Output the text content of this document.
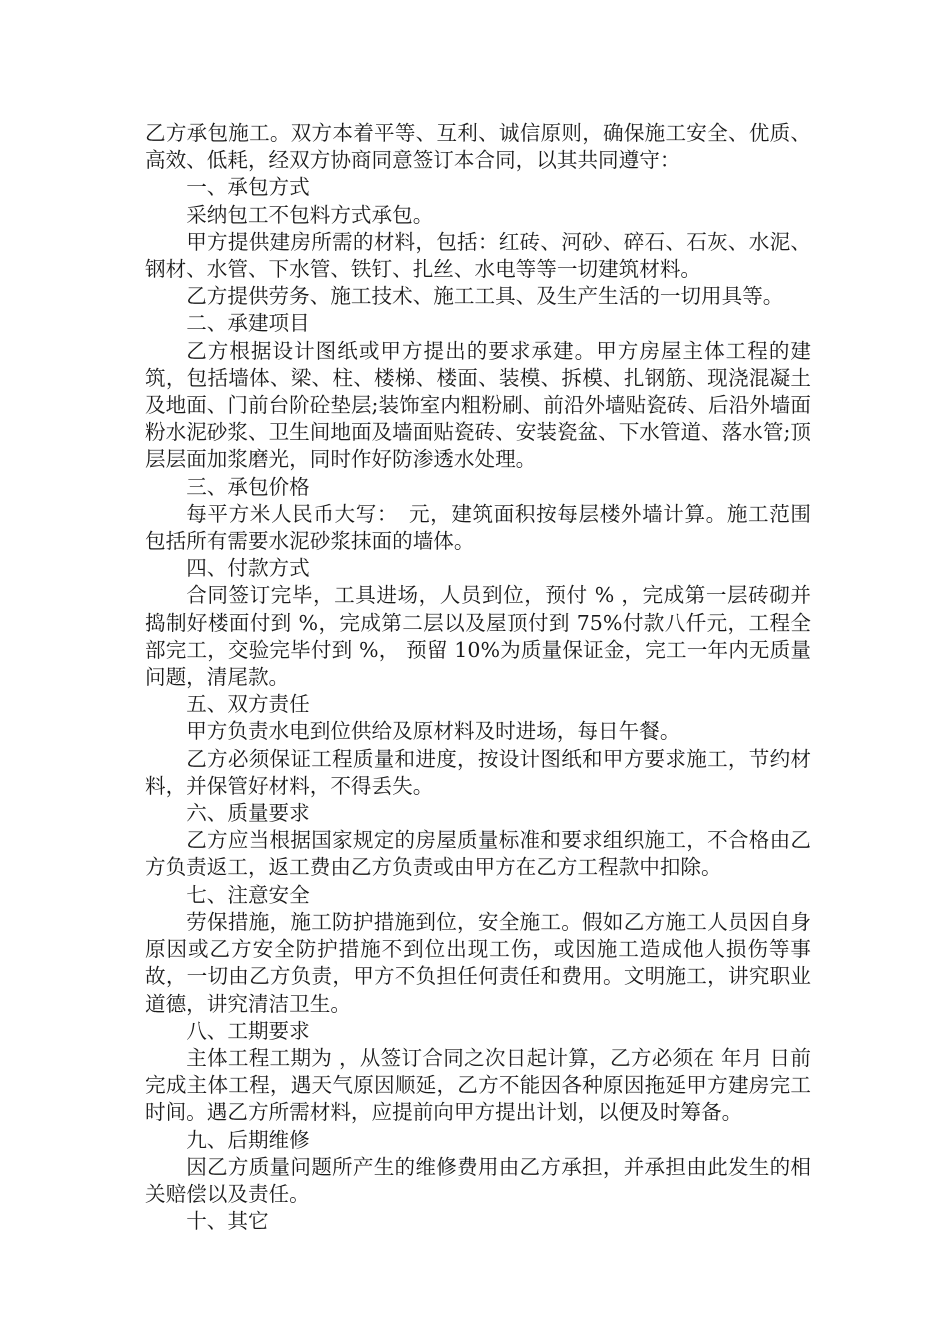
乙方承包施工。双方本着平等、互利、诚信原则，确保施工安全、优质、高效、低耗，经双方协商同意签订本合同，以其共同遵守：

一、承包方式

采纳包工不包料方式承包。

甲方提供建房所需的材料，包括：红砖、河砂、碎石、石灰、水泥、钢材、水管、下水管、铁钉、扎丝、水电等等一切建筑材料。

乙方提供劳务、施工技术、施工工具、及生产生活的一切用具等。

二、承建项目

乙方根据设计图纸或甲方提出的要求承建。甲方房屋主体工程的建筑，包括墙体、梁、柱、楼梯、楼面、装模、拆模、扎钢筋、现浇混凝土及地面、门前台阶砼垫层;装饰室内粗粉刷、前沿外墙贴瓷砖、后沿外墙面粉水泥砂浆、卫生间地面及墙面贴瓷砖、安装瓷盆、下水管道、落水管;顶层层面加浆磨光，同时作好防渗透水处理。

三、承包价格

每平方米人民币大写：　元，建筑面积按每层楼外墙计算。施工范围包括所有需要水泥砂浆抹面的墙体。

四、付款方式

合同签订完毕，工具进场，人员到位，预付 % ，完成第一层砖砌并捣制好楼面付到 %，完成第二层以及屋顶付到 75%付款八仟元，工程全部完工，交验完毕付到 %， 预留 10%为质量保证金，完工一年内无质量问题，清尾款。

五、双方责任

甲方负责水电到位供给及原材料及时进场，每日午餐。

乙方必须保证工程质量和进度，按设计图纸和甲方要求施工，节约材料，并保管好材料，不得丢失。

六、质量要求

乙方应当根据国家规定的房屋质量标准和要求组织施工，不合格由乙方负责返工，返工费由乙方负责或由甲方在乙方工程款中扣除。

七、注意安全

劳保措施，施工防护措施到位，安全施工。假如乙方施工人员因自身原因或乙方安全防护措施不到位出现工伤，或因施工造成他人损伤等事故，一切由乙方负责，甲方不负担任何责任和费用。文明施工，讲究职业道德，讲究清洁卫生。

八、工期要求

主体工程工期为 ，从签订合同之次日起计算，乙方必须在 年月 日前完成主体工程，遇天气原因顺延，乙方不能因各种原因拖延甲方建房完工时间。遇乙方所需材料，应提前向甲方提出计划，以便及时筹备。

九、后期维修

因乙方质量问题所产生的维修费用由乙方承担，并承担由此发生的相关赔偿以及责任。

十、其它
